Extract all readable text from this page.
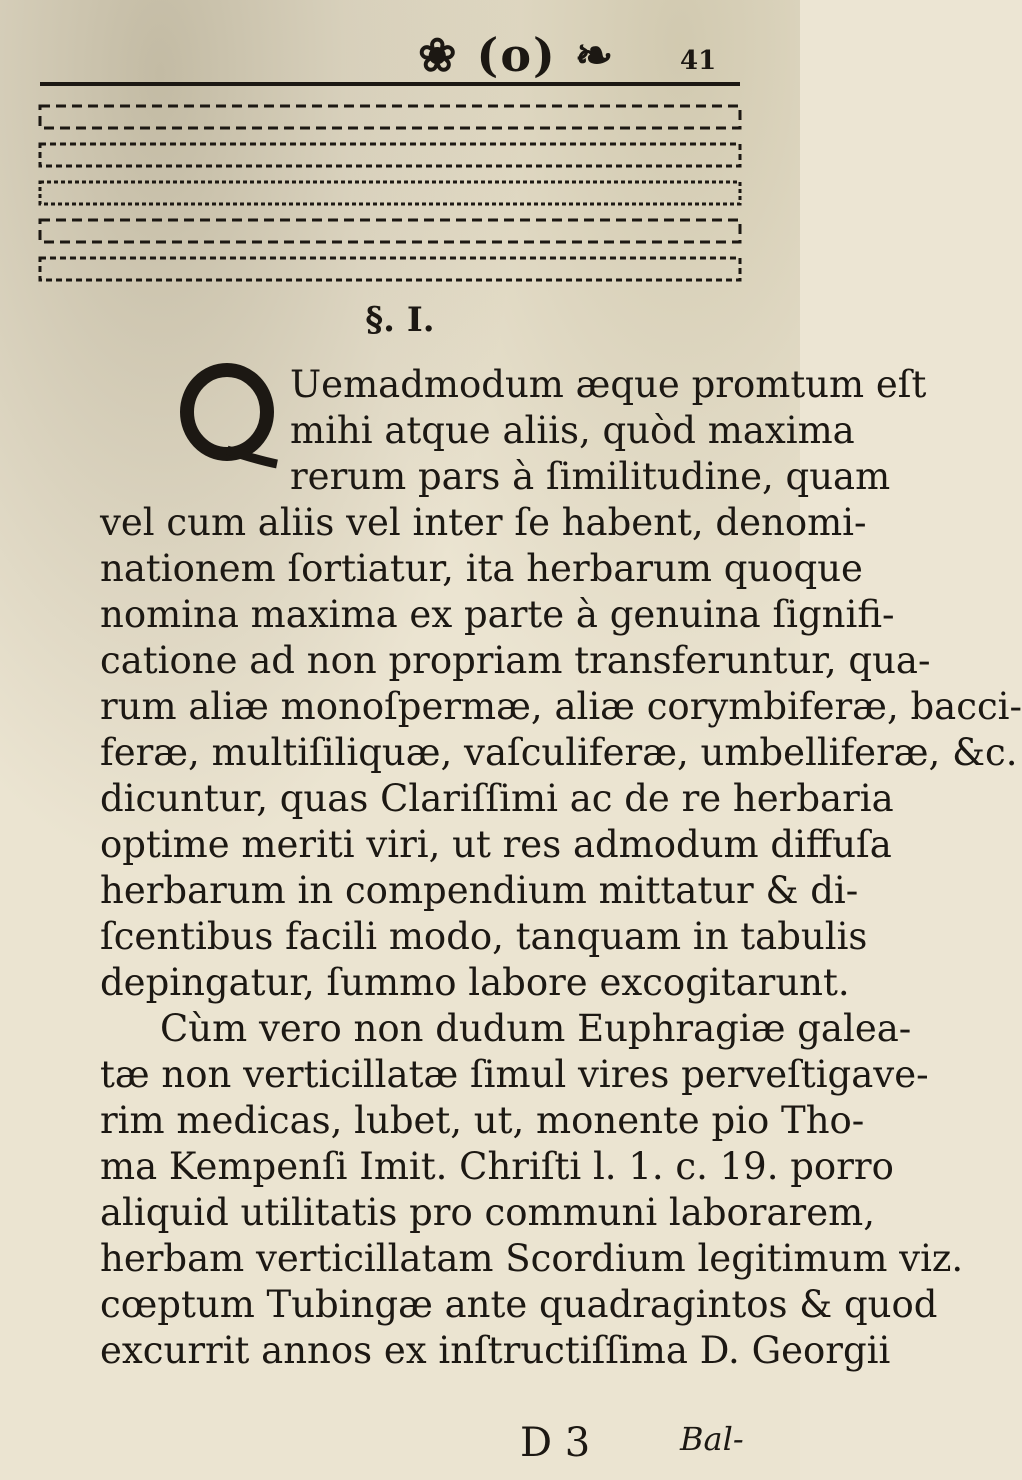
❀ (o) ❧ 41
§. I.
Uemadmodum æque promtum eſt
mihi atque aliis, quòd maxima
rerum pars à ſimilitudine, quam
vel cum aliis vel inter ſe habent, denomi-
nationem ſortiatur, ita herbarum quoque
nomina maxima ex parte à genuina ſignifi-
catione ad non propriam transferuntur, qua-
rum aliæ monoſpermæ, aliæ corymbiferæ, bacci-
feræ, multiſiliquæ, vaſculiferæ, umbelliferæ, &c.
dicuntur, quas Clariſſimi ac de re herbaria
optime meriti viri, ut res admodum diffuſa
herbarum in compendium mittatur & di-
ſcentibus facili modo, tanquam in tabulis
depingatur, ſummo labore excogitarunt.
Cùm vero non dudum Euphragiæ galea-
tæ non verticillatæ ſimul vires perveſtigave-
rim medicas, lubet, ut, monente pio Tho-
ma Kempenſi Imit. Chriſti l. 1. c. 19. porro
aliquid utilitatis pro communi laborarem,
herbam verticillatam Scordium legitimum viz.
cœptum Tubingæ ante quadragintos & quod
excurrit annos ex inſtructiſſima D. Georgii
D 3	Bal-
